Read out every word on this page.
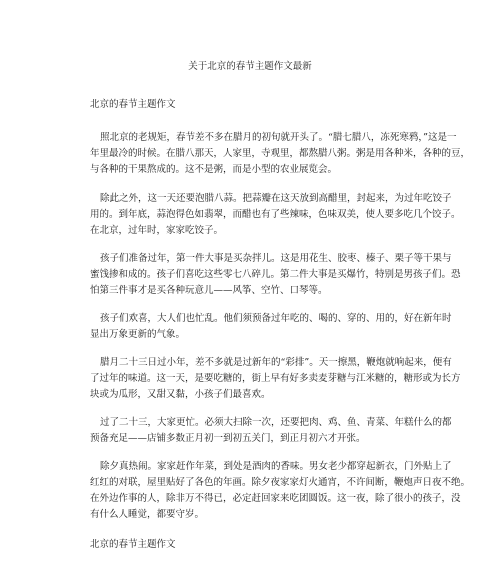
关于北京的春节主题作文最新
北京的春节主题作文

照北京的老规矩，春节差不多在腊月的初旬就开头了。“腊七腊八，冻死寒鸦，”这是一
年里最冷的时候。在腊八那天，人家里，寺观里，都熬腊八粥。粥是用各种米，各种的豆，
与各种的干果熬成的。这不是粥，而是小型的农业展览会。

除此之外，这一天还要泡腊八蒜。把蒜瓣在这天放到高醋里，封起来，为过年吃饺子
用的。到年底，蒜泡得色如翡翠，而醋也有了些辣味，色味双美，使人要多吃几个饺子。
在北京，过年时，家家吃饺子。

孩子们准备过年，第一件大事是买杂拌儿。这是用花生、胶枣、榛子、栗子等干果与
蜜饯掺和成的。孩子们喜吃这些零七八碎儿。第二件大事是买爆竹，特别是男孩子们。恐
怕第三件事才是买各种玩意儿——风筝、空竹、口琴等。

孩子们欢喜，大人们也忙乱。他们须预备过年吃的、喝的、穿的、用的，好在新年时
显出万象更新的气象。

腊月二十三日过小年，差不多就是过新年的“彩排”。天一擦黑，鞭炮就响起来，便有
了过年的味道。这一天，是要吃糖的，街上早有好多卖麦芽糖与江米糖的，糖形或为长方
块或为瓜形，又甜又黏，小孩子们最喜欢。

过了二十三，大家更忙。必须大扫除一次，还要把肉、鸡、鱼、青菜、年糕什么的都
预备充足——店铺多数正月初一到初五关门，到正月初六才开张。

除夕真热闹。家家赶作年菜，到处是酒肉的香味。男女老少都穿起新衣，门外贴上了
红红的对联，屋里贴好了各色的年画。除夕夜家家灯火通宵，不许间断，鞭炮声日夜不绝。
在外边作事的人，除非万不得已，必定赶回家来吃团圆饭。这一夜，除了很小的孩子，没
有什么人睡觉，都要守岁。

北京的春节主题作文
